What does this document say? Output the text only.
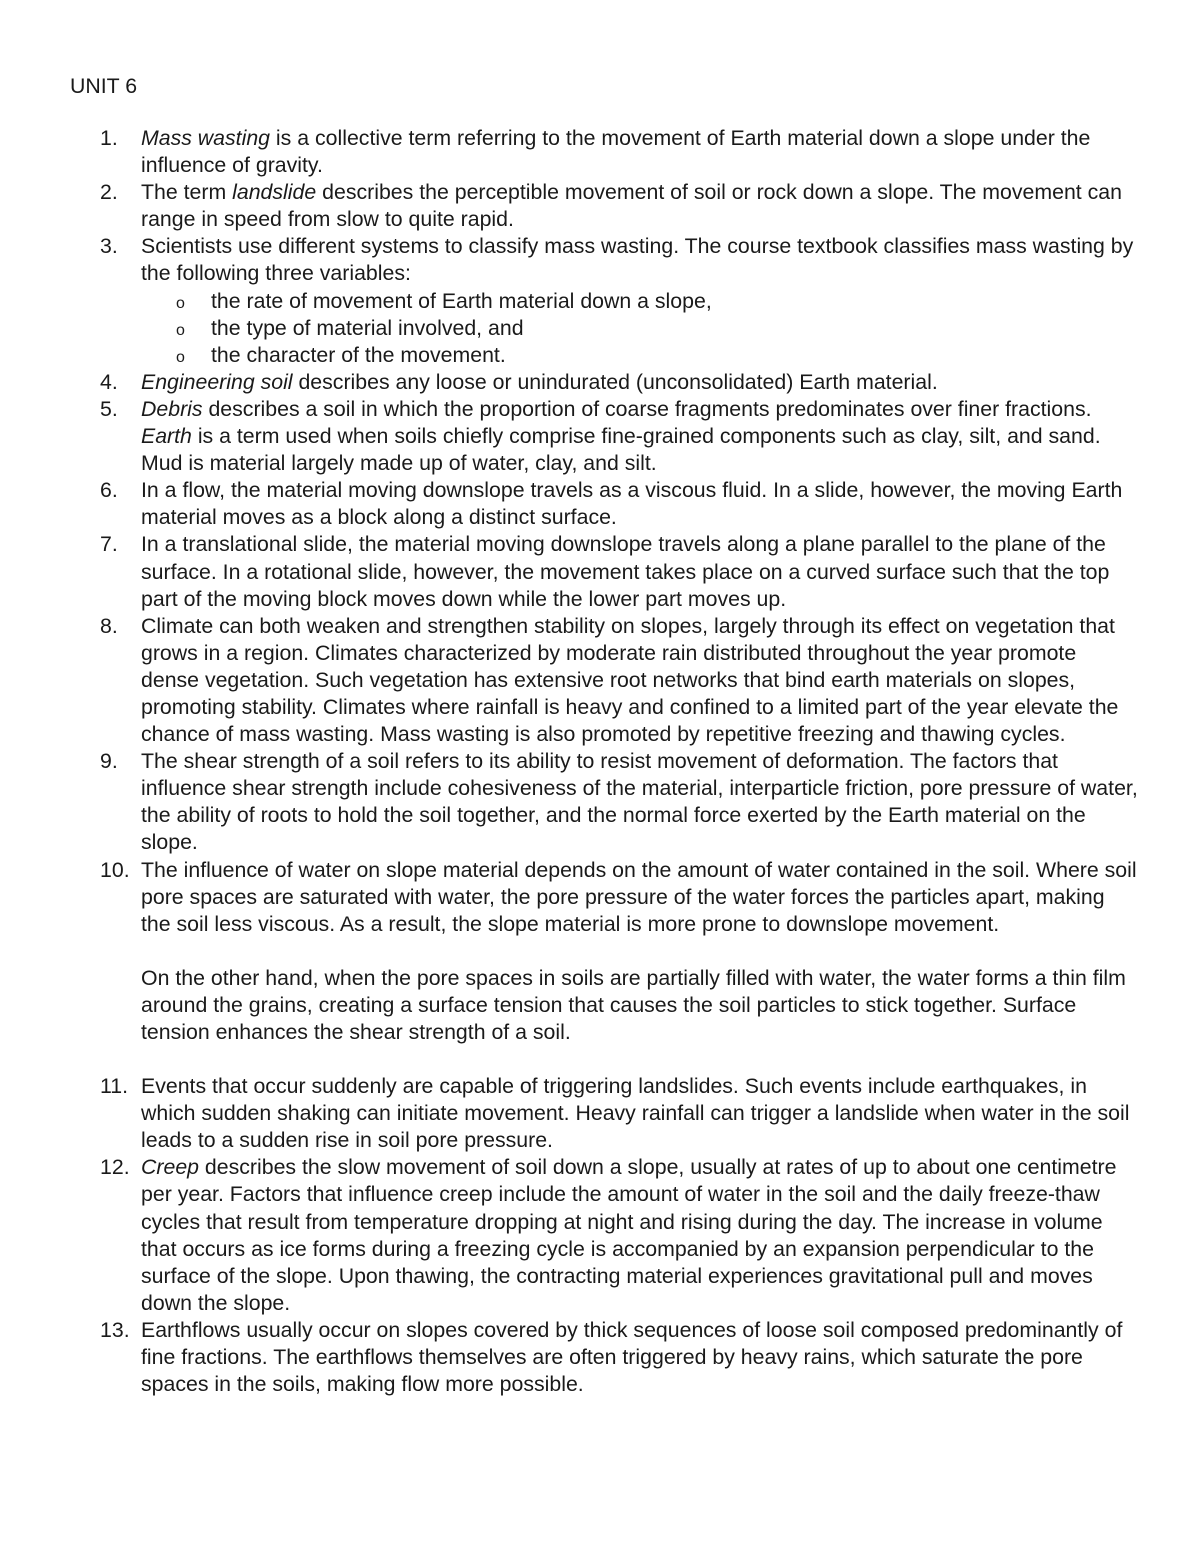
UNIT 6
1.	Mass wasting is a collective term referring to the movement of Earth material down a slope under the influence of gravity.
2.	The term landslide describes the perceptible movement of soil or rock down a slope. The movement can range in speed from slow to quite rapid.
3.	Scientists use different systems to classify mass wasting. The course textbook classifies mass wasting by the following three variables:
o the rate of movement of Earth material down a slope,
o the type of material involved, and
o the character of the movement.
4.	Engineering soil describes any loose or unindurated (unconsolidated) Earth material.
5.	Debris describes a soil in which the proportion of coarse fragments predominates over finer fractions. Earth is a term used when soils chiefly comprise fine-grained components such as clay, silt, and sand. Mud is material largely made up of water, clay, and silt.
6.	In a flow, the material moving downslope travels as a viscous fluid. In a slide, however, the moving Earth material moves as a block along a distinct surface.
7.	In a translational slide, the material moving downslope travels along a plane parallel to the plane of the surface. In a rotational slide, however, the movement takes place on a curved surface such that the top part of the moving block moves down while the lower part moves up.
8.	Climate can both weaken and strengthen stability on slopes, largely through its effect on vegetation that grows in a region. Climates characterized by moderate rain distributed throughout the year promote dense vegetation. Such vegetation has extensive root networks that bind earth materials on slopes, promoting stability. Climates where rainfall is heavy and confined to a limited part of the year elevate the chance of mass wasting. Mass wasting is also promoted by repetitive freezing and thawing cycles.
9.	The shear strength of a soil refers to its ability to resist movement of deformation. The factors that influence shear strength include cohesiveness of the material, interparticle friction, pore pressure of water, the ability of roots to hold the soil together, and the normal force exerted by the Earth material on the slope.
10. The influence of water on slope material depends on the amount of water contained in the soil. Where soil pore spaces are saturated with water, the pore pressure of the water forces the particles apart, making the soil less viscous. As a result, the slope material is more prone to downslope movement.
On the other hand, when the pore spaces in soils are partially filled with water, the water forms a thin film around the grains, creating a surface tension that causes the soil particles to stick together. Surface tension enhances the shear strength of a soil.
11. Events that occur suddenly are capable of triggering landslides. Such events include earthquakes, in which sudden shaking can initiate movement. Heavy rainfall can trigger a landslide when water in the soil leads to a sudden rise in soil pore pressure.
12. Creep describes the slow movement of soil down a slope, usually at rates of up to about one centimetre per year. Factors that influence creep include the amount of water in the soil and the daily freeze-thaw cycles that result from temperature dropping at night and rising during the day. The increase in volume that occurs as ice forms during a freezing cycle is accompanied by an expansion perpendicular to the surface of the slope. Upon thawing, the contracting material experiences gravitational pull and moves down the slope.
13. Earthflows usually occur on slopes covered by thick sequences of loose soil composed predominantly of fine fractions. The earthflows themselves are often triggered by heavy rains, which saturate the pore spaces in the soils, making flow more possible.
